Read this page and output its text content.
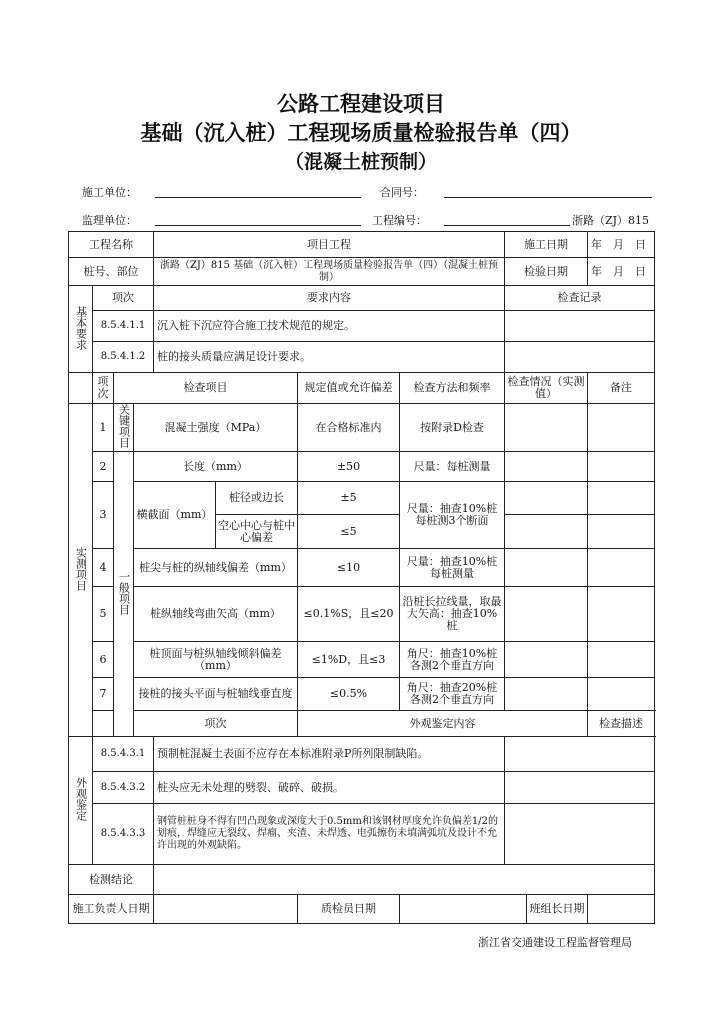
公路工程建设项目
基础（沉入桩）工程现场质量检验报告单（四）
（混凝土桩预制）
施工单位：	合同号：
监理单位：	工程编号：	浙路（ZJ）815
工程名称				项目工程				施工日期		年　月　日
桩号、部位				浙路（ZJ）815 基础（沉入桩）工程现场质量检验报告单（四）（混凝土桩预制）				检验日期		年　月　日
基本要求	项次			要求内容				检查记录		
	8.5.4.1.1			沉入桩下沉应符合施工技术规范的规定。						
	8.5.4.1.2			桩的接头质量应满足设计要求。						
	项次	检查项目				规定值或允许偏差	检查方法和频率	检查情况（实测值）		备注
实测项目	1	关键项目	混凝土强度（MPa）			在合格标准内	按附录D检查			
	2	一般项目	长度（mm）			±50	尺量：每桩测量			
	3		横截面（mm）		桩径或边长	±5	尺量：抽查10%桩每桩测3个断面			
					空心中心与桩中心偏差	≤5				
	4		桩尖与桩的纵轴线偏差（mm）			≤10	尺量：抽查10%桩每桩测量			
	5		桩纵轴线弯曲矢高（mm）			≤0.1%S，且≤20	沿桩长拉线量，取最大矢高：抽查10%桩			
	6		桩顶面与桩纵轴线倾斜偏差（mm）			≤1%D，且≤3	角尺：抽查10%桩各测2个垂直方向			
	7		接桩的接头平面与桩轴线垂直度			≤0.5%	角尺：抽查20%桩各测2个垂直方向			
			项次			外观鉴定内容				检查描述
外观鉴定	8.5.4.3.1			预制桩混凝土表面不应存在本标准附录P所列限制缺陷。						
	8.5.4.3.2			桩头应无未处理的劈裂、破碎、破损。						
	8.5.4.3.3			钢管桩桩身不得有凹凸现象或深度大于0.5mm和该钢材厚度允许负偏差1/2的划痕，焊缝应无裂纹、焊瘤、夹渣、未焊透、电弧擦伤未填满弧坑及设计不允许出现的外观缺陷。						
检测结论										
施工负责人日期						质检员日期			班组长日期	
浙江省交通建设工程监督管理局
